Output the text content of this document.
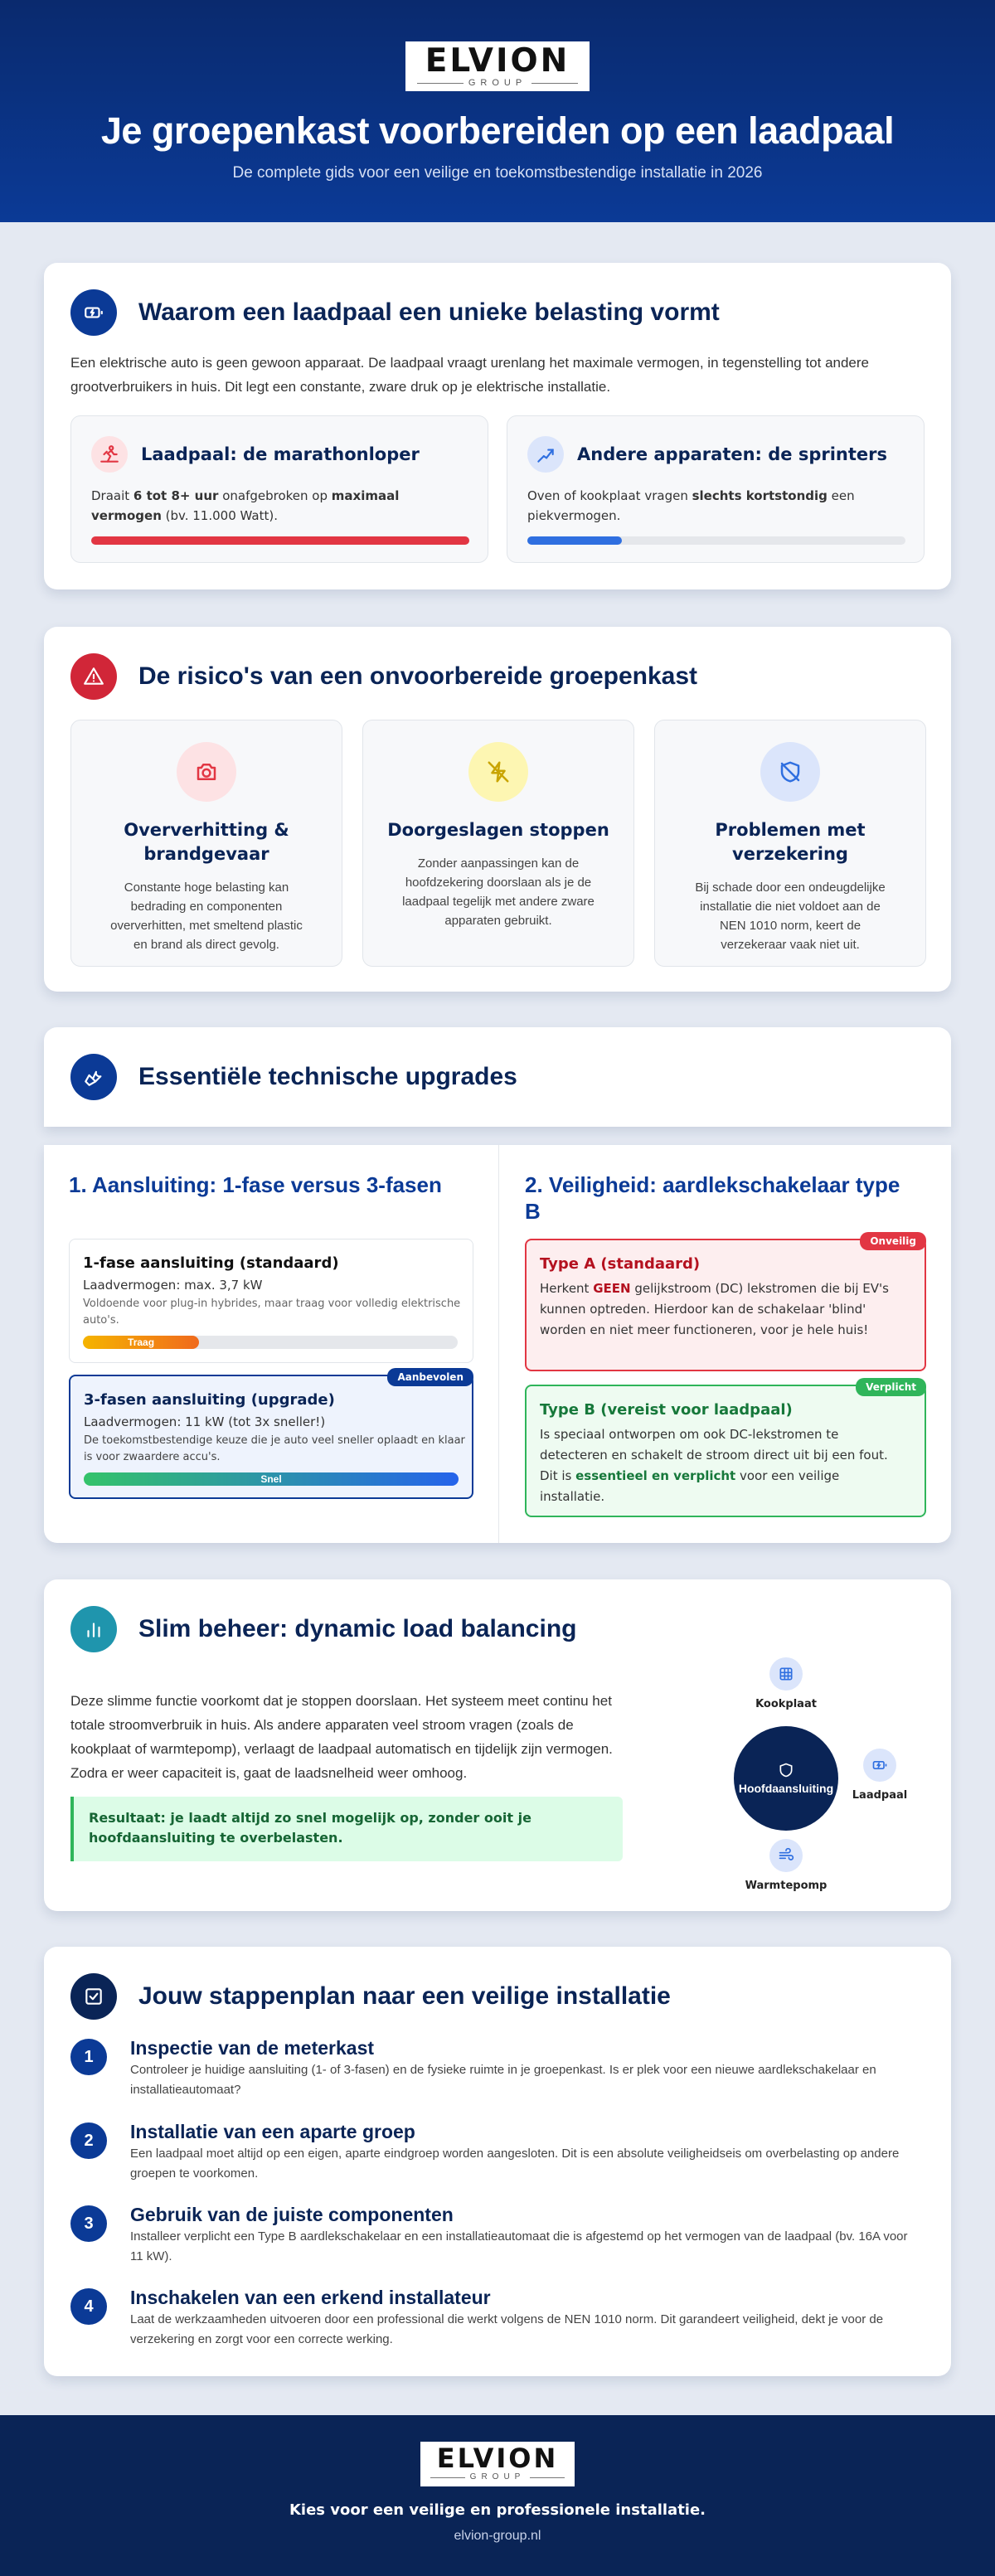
ELVION
GROUP
Je groepenkast voorbereiden op een laadpaal
De complete gids voor een veilige en toekomstbestendige installatie in 2026
Waarom een laadpaal een unieke belasting vormt
Een elektrische auto is geen gewoon apparaat. De laadpaal vraagt urenlang het maximale vermogen, in tegenstelling tot andere grootverbruikers in huis. Dit legt een constante, zware druk op je elektrische installatie.
Laadpaal: de marathonloper
Draait 6 tot 8+ uur onafgebroken op maximaal vermogen (bv. 11.000 Watt).
Andere apparaten: de sprinters
Oven of kookplaat vragen slechts kortstondig een piekvermogen.
De risico's van een onvoorbereide groepenkast
Oververhitting & brandgevaar

Constante hoge belasting kan bedrading en componenten oververhitten, met smeltend plastic en brand als direct gevolg.

Doorgeslagen stoppen

Zonder aanpassingen kan de hoofdzekering doorslaan als je de laadpaal tegelijk met andere zware apparaten gebruikt.

Problemen met verzekering

Bij schade door een ondeugdelijke installatie die niet voldoet aan de NEN 1010 norm, keert de verzekeraar vaak niet uit.

Essentiële technische upgrades
1. Aansluiting: 1-fase versus 3-fasen
1-fase aansluiting (standaard)
Laadvermogen: max. 3,7 kW
Voldoende voor plug-in hybrides, maar traag voor volledig elektrische auto's.
Traag
Aanbevolen
3-fasen aansluiting (upgrade)
Laadvermogen: 11 kW (tot 3x sneller!)
De toekomstbestendige keuze die je auto veel sneller oplaadt en klaar is voor zwaardere accu's.
Snel
2. Veiligheid: aardlekschakelaar type B
Onveilig
Type A (standaard)
Herkent GEEN gelijkstroom (DC) lekstromen die bij EV's kunnen optreden. Hierdoor kan de schakelaar 'blind' worden en niet meer functioneren, voor je hele huis!
Verplicht
Type B (vereist voor laadpaal)
Is speciaal ontworpen om ook DC-lekstromen te detecteren en schakelt de stroom direct uit bij een fout. Dit is essentieel en verplicht voor een veilige installatie.
Slim beheer: dynamic load balancing
Deze slimme functie voorkomt dat je stoppen doorslaan. Het systeem meet continu het totale stroomverbruik in huis. Als andere apparaten veel stroom vragen (zoals de kookplaat of warmtepomp), verlaagt de laadpaal automatisch en tijdelijk zijn vermogen. Zodra er weer capaciteit is, gaat de laadsnelheid weer omhoog.
Resultaat: je laadt altijd zo snel mogelijk op, zonder ooit je hoofdaansluiting te overbelasten.
Kookplaat
Hoofdaansluiting
Laadpaal
Warmtepomp
Jouw stappenplan naar een veilige installatie
1	Inspectie van de meterkast

Controleer je huidige aansluiting (1- of 3-fasen) en de fysieke ruimte in je groepenkast. Is er plek voor een nieuwe aardlekschakelaar en installatieautomaat?

2	Installatie van een aparte groep

Een laadpaal moet altijd op een eigen, aparte eindgroep worden aangesloten. Dit is een absolute veiligheidseis om overbelasting op andere groepen te voorkomen.

3	Gebruik van de juiste componenten

Installeer verplicht een Type B aardlekschakelaar en een installatieautomaat die is afgestemd op het vermogen van de laadpaal (bv. 16A voor 11 kW).

4	Inschakelen van een erkend installateur

Laat de werkzaamheden uitvoeren door een professional die werkt volgens de NEN 1010 norm. Dit garandeert veiligheid, dekt je voor de verzekering en zorgt voor een correcte werking.

ELVION
GROUP
Kies voor een veilige en professionele installatie.
elvion-group.nl
